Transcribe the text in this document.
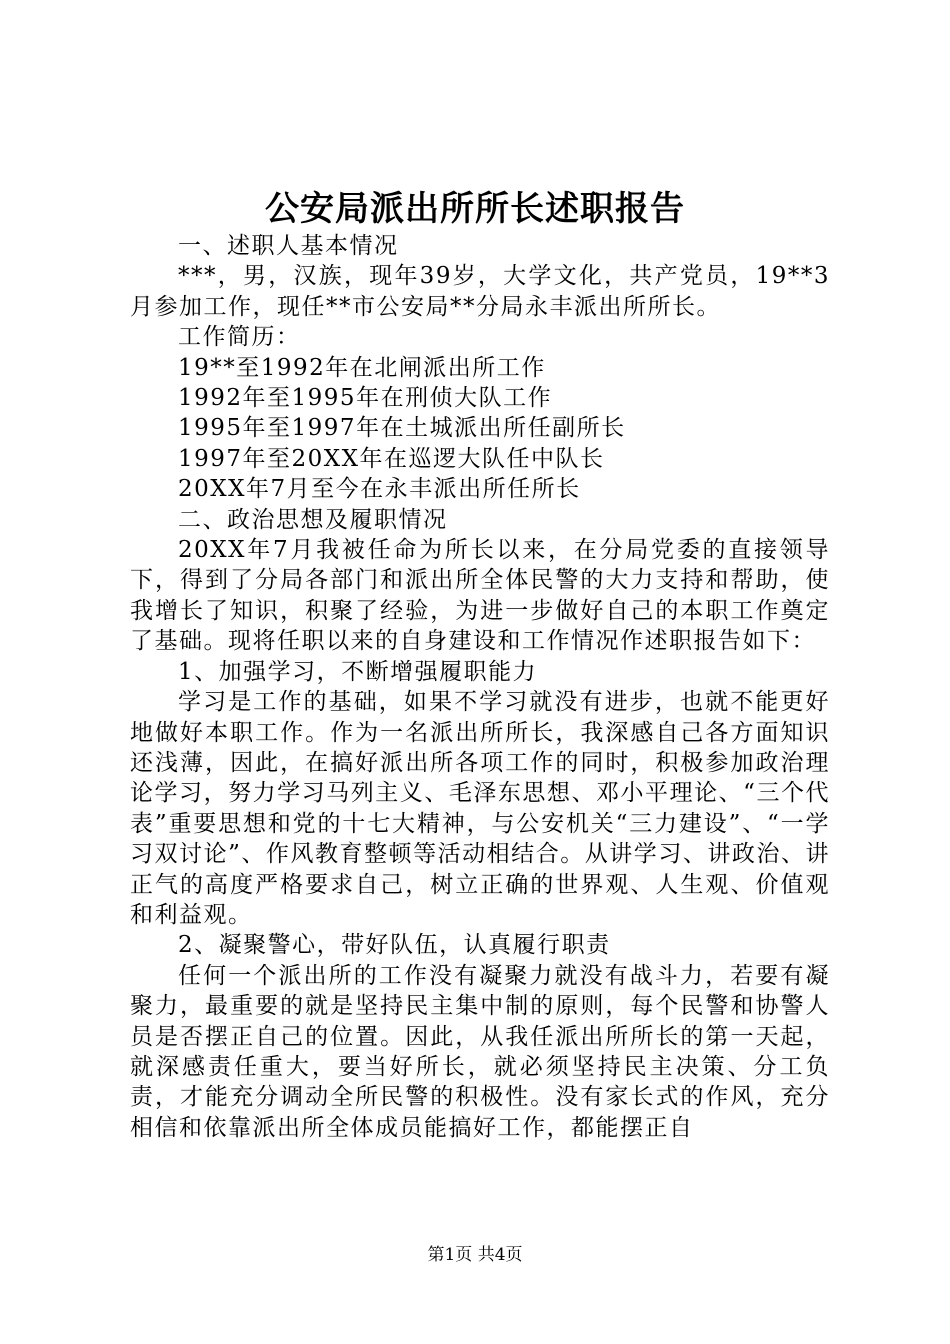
公安局派出所所长述职报告

一、述职人基本情况

***，男，汉族，现年39岁，大学文化，共产党员，19**3月参加工作，现任**市公安局**分局永丰派出所所长。

工作简历：

19**至1992年在北闸派出所工作

1992年至1995年在刑侦大队工作

1995年至1997年在土城派出所任副所长

1997年至20XX年在巡逻大队任中队长

20XX年7月至今在永丰派出所任所长

二、政治思想及履职情况

20XX年7月我被任命为所长以来，在分局党委的直接领导下，得到了分局各部门和派出所全体民警的大力支持和帮助，使我增长了知识，积聚了经验，为进一步做好自己的本职工作奠定了基础。现将任职以来的自身建设和工作情况作述职报告如下：

1、加强学习，不断增强履职能力

学习是工作的基础，如果不学习就没有进步，也就不能更好地做好本职工作。作为一名派出所所长，我深感自己各方面知识还浅薄，因此，在搞好派出所各项工作的同时，积极参加政治理论学习，努力学习马列主义、毛泽东思想、邓小平理论、“三个代表”重要思想和党的十七大精神，与公安机关“三力建设”、“一学习双讨论”、作风教育整顿等活动相结合。从讲学习、讲政治、讲正气的高度严格要求自己，树立正确的世界观、人生观、价值观和利益观。

2、凝聚警心，带好队伍，认真履行职责

任何一个派出所的工作没有凝聚力就没有战斗力，若要有凝聚力，最重要的就是坚持民主集中制的原则，每个民警和协警人员是否摆正自己的位置。因此，从我任派出所所长的第一天起，就深感责任重大，要当好所长，就必须坚持民主决策、分工负责，才能充分调动全所民警的积极性。没有家长式的作风，充分相信和依靠派出所全体成员能搞好工作，都能摆正自

第1页 共4页
